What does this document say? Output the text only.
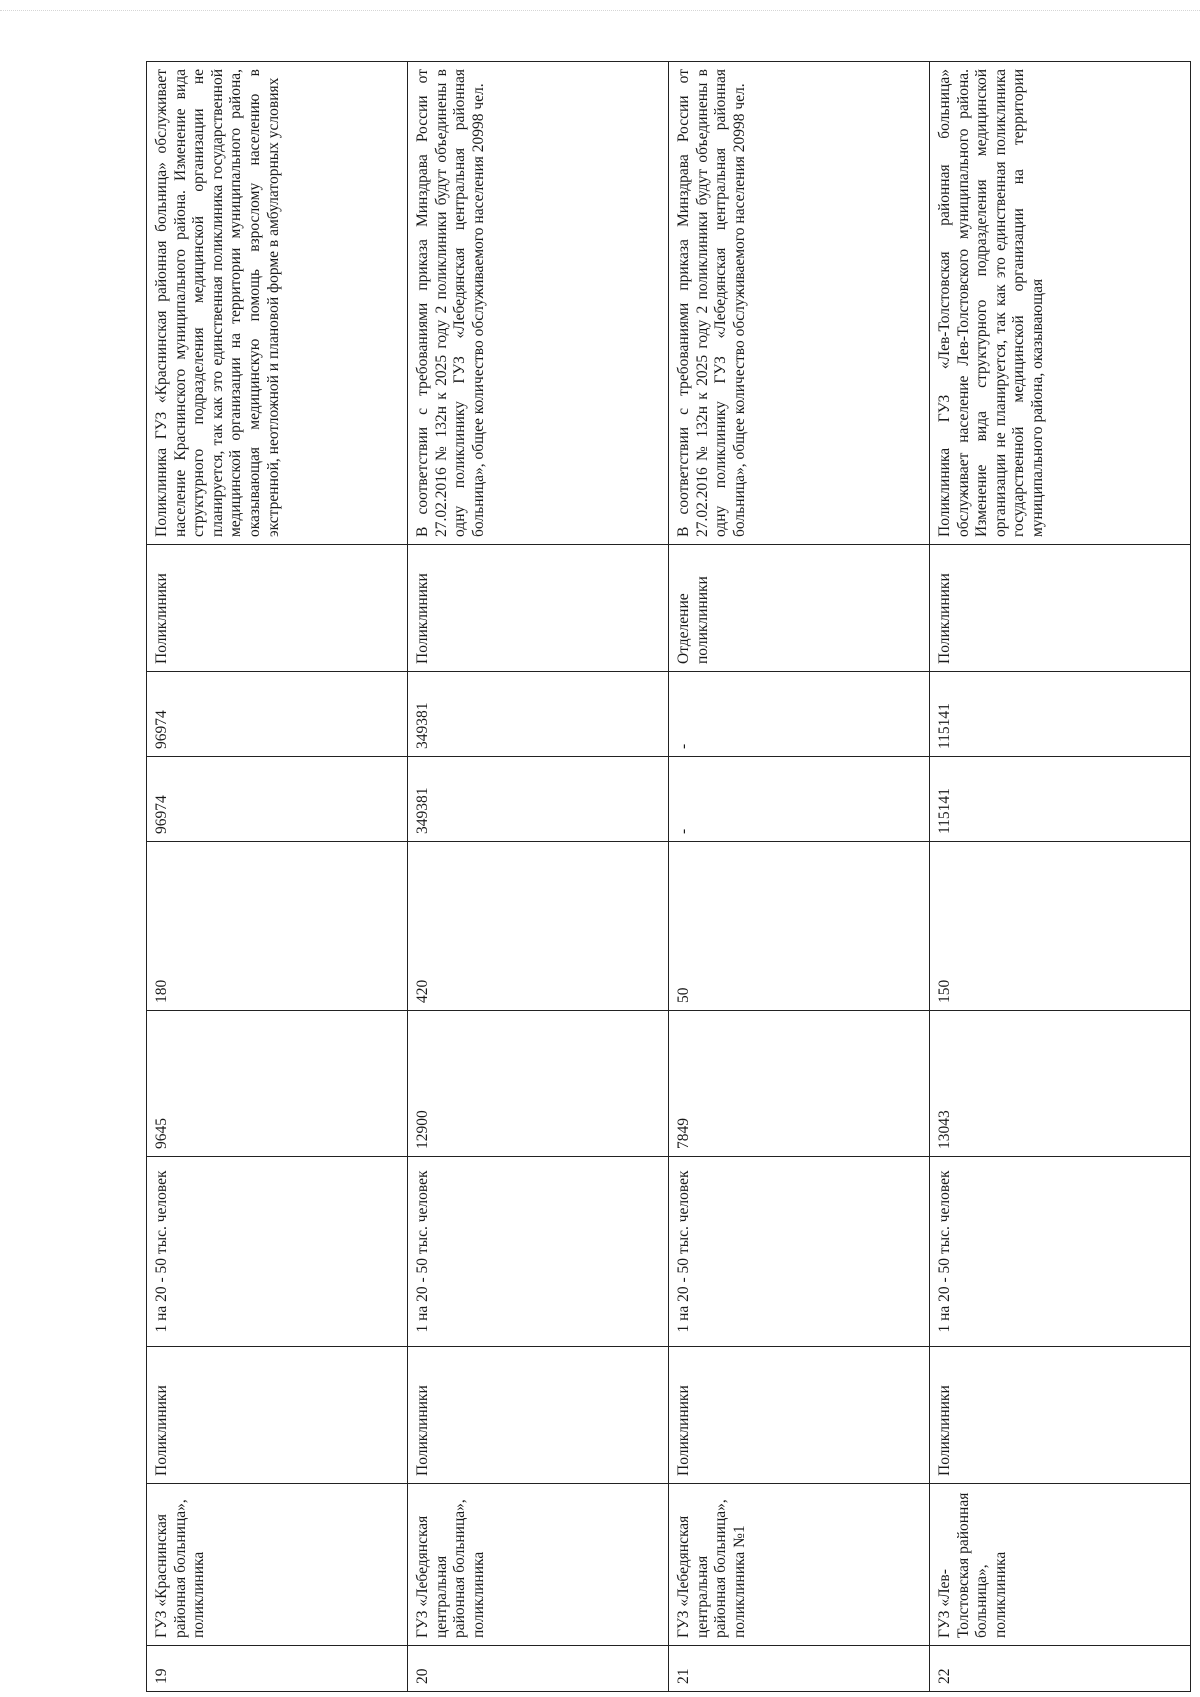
19	ГУЗ «Краснинская районная больница», поликлиника	Поликлиники	1 на 20 - 50 тыс. человек	9645	180	96974	96974	Поликлиники	Поликлиника ГУЗ «Краснинская районная больница» обслуживает население Краснинского муниципального района. Изменение вида структурного подразделения медицинской организации не планируется, так как это единственная поликлиника государственной медицинской организации на территории муниципального района, оказывающая медицинскую помощь взрослому населению в экстренной, неотложной и плановой форме в амбулаторных условиях
20	ГУЗ «Лебедянская центральная районная больница», поликлиника	Поликлиники	1 на 20 - 50 тыс. человек	12900	420	349381	349381	Поликлиники	В соответствии с требованиями приказа Минздрава России от 27.02.2016 № 132н к 2025 году 2 поликлиники будут объединены в одну поликлинику ГУЗ «Лебедянская центральная районная больница», общее количество обслуживаемого населения 20998 чел.
21	ГУЗ «Лебедянская центральная районная больница», поликлиника №1	Поликлиники	1 на 20 - 50 тыс. человек	7849	50	-	-	Отделение поликлиники	В соответствии с требованиями приказа Минздрава России от 27.02.2016 № 132н к 2025 году 2 поликлиники будут объединены в одну поликлинику ГУЗ «Лебедянская центральная районная больница», общее количество обслуживаемого населения 20998 чел.
22	ГУЗ «Лев-Толстовская районная больница», поликлиника	Поликлиники	1 на 20 - 50 тыс. человек	13043	150	115141	115141	Поликлиники	Поликлиника ГУЗ «Лев-Толстовская районная больница» обслуживает население Лев-Толстовского муниципального района. Изменение вида структурного подразделения медицинской организации не планируется, так как это единственная поликлиника государственной медицинской организации на территории муниципального района, оказывающая
